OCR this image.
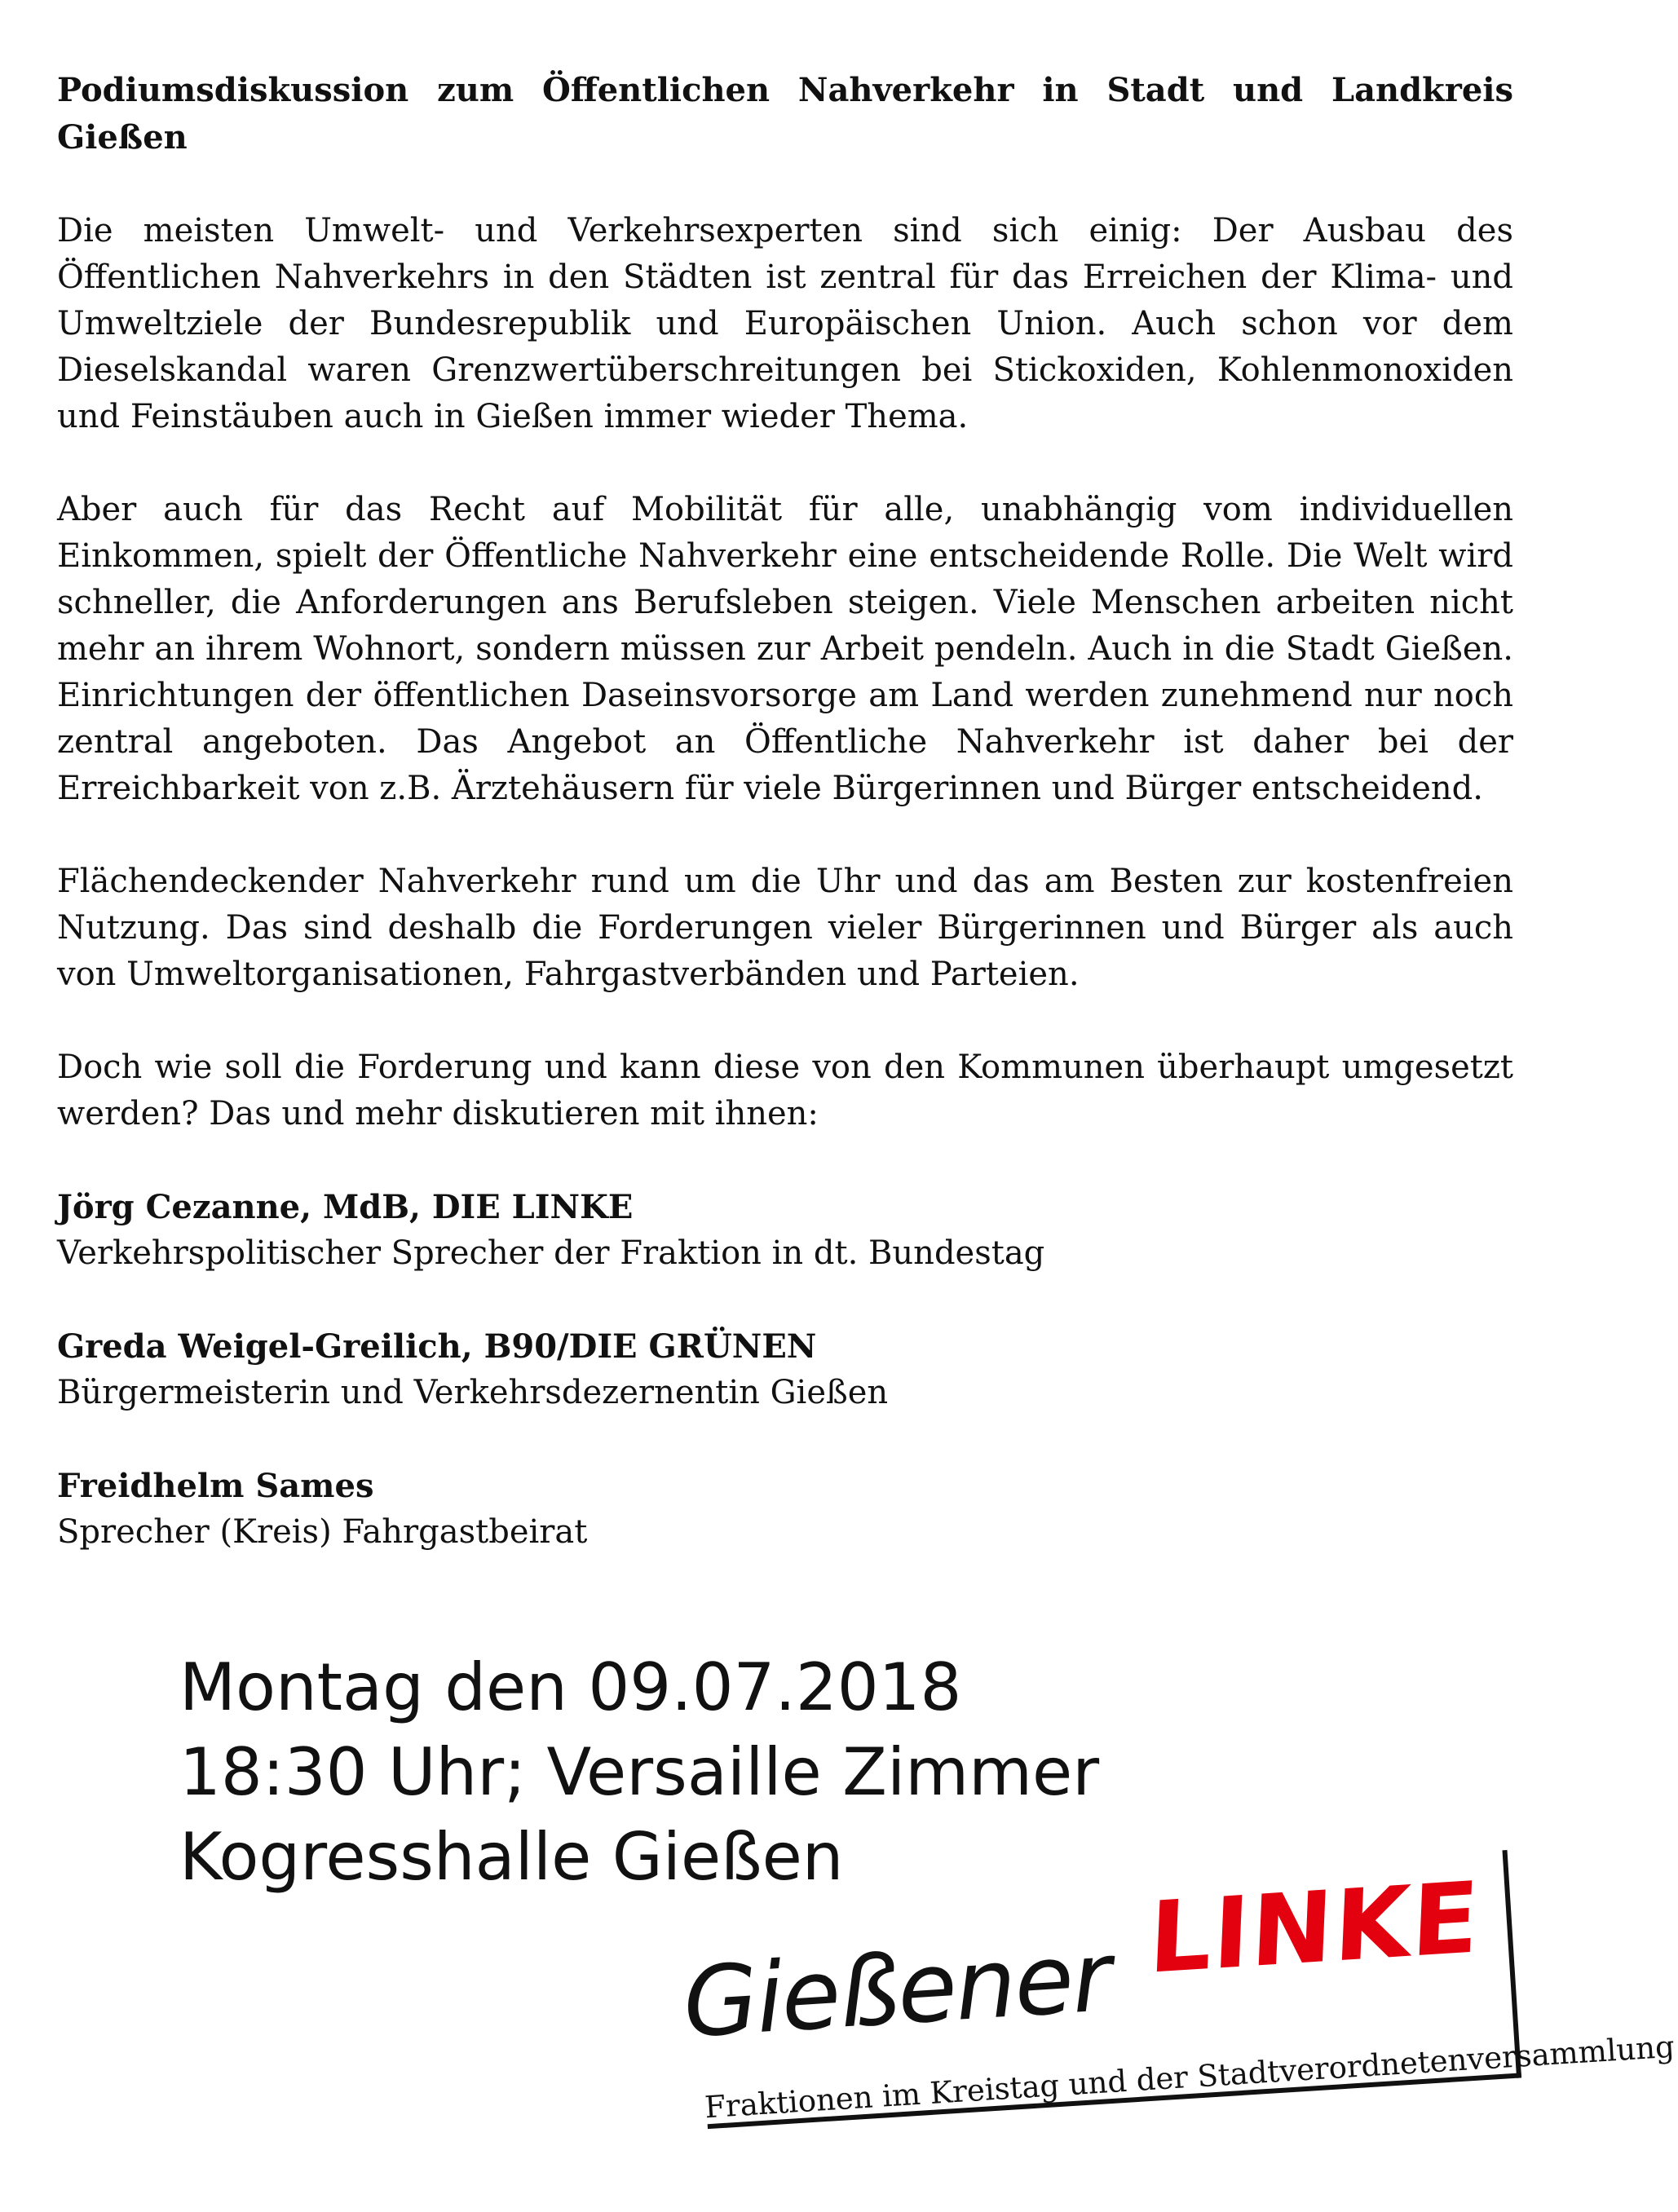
Podiumsdiskussion zum Öffentlichen Nahverkehr in Stadt und Landkreis Gießen

Die meisten Umwelt- und Verkehrsexperten sind sich einig: Der Ausbau des Öffentlichen Nahverkehrs in den Städten ist zentral für das Erreichen der Klima- und Umweltziele der Bundesrepublik und Europäischen Union. Auch schon vor dem Dieselskandal waren Grenzwertüberschreitungen bei Stickoxiden, Kohlenmonoxiden und Feinstäuben auch in Gießen immer wieder Thema.

Aber auch für das Recht auf Mobilität für alle, unabhängig vom individuellen Einkommen, spielt der Öffentliche Nahverkehr eine entscheidende Rolle. Die Welt wird schneller, die Anforderungen ans Berufsleben steigen. Viele Menschen arbeiten nicht mehr an ihrem Wohnort, sondern müssen zur Arbeit pendeln. Auch in die Stadt Gießen. Einrichtungen der öffentlichen Daseinsvorsorge am Land werden zunehmend nur noch zentral angeboten. Das Angebot an Öffentliche Nahverkehr ist daher bei der Erreichbarkeit von z.B. Ärztehäusern für viele Bürgerinnen und Bürger entscheidend.

Flächendeckender Nahverkehr rund um die Uhr und das am Besten zur kostenfreien Nutzung. Das sind deshalb die Forderungen vieler Bürgerinnen und Bürger als auch von Umweltorganisationen, Fahrgastverbänden und Parteien.

Doch wie soll die Forderung und kann diese von den Kommunen überhaupt umgesetzt werden? Das und mehr diskutieren mit ihnen:

Jörg Cezanne, MdB, DIE LINKE
Verkehrspolitischer Sprecher der Fraktion in dt. Bundestag
Greda Weigel-Greilich, B90/DIE GRÜNEN
Bürgermeisterin und Verkehrsdezernentin Gießen
Freidhelm Sames
Sprecher (Kreis) Fahrgastbeirat
Montag den 09.07.2018
18:30 Uhr; Versaille Zimmer
Kogresshalle Gießen
Gießener LINKE
Fraktionen im Kreistag und der Stadtverordnetenversammlung
